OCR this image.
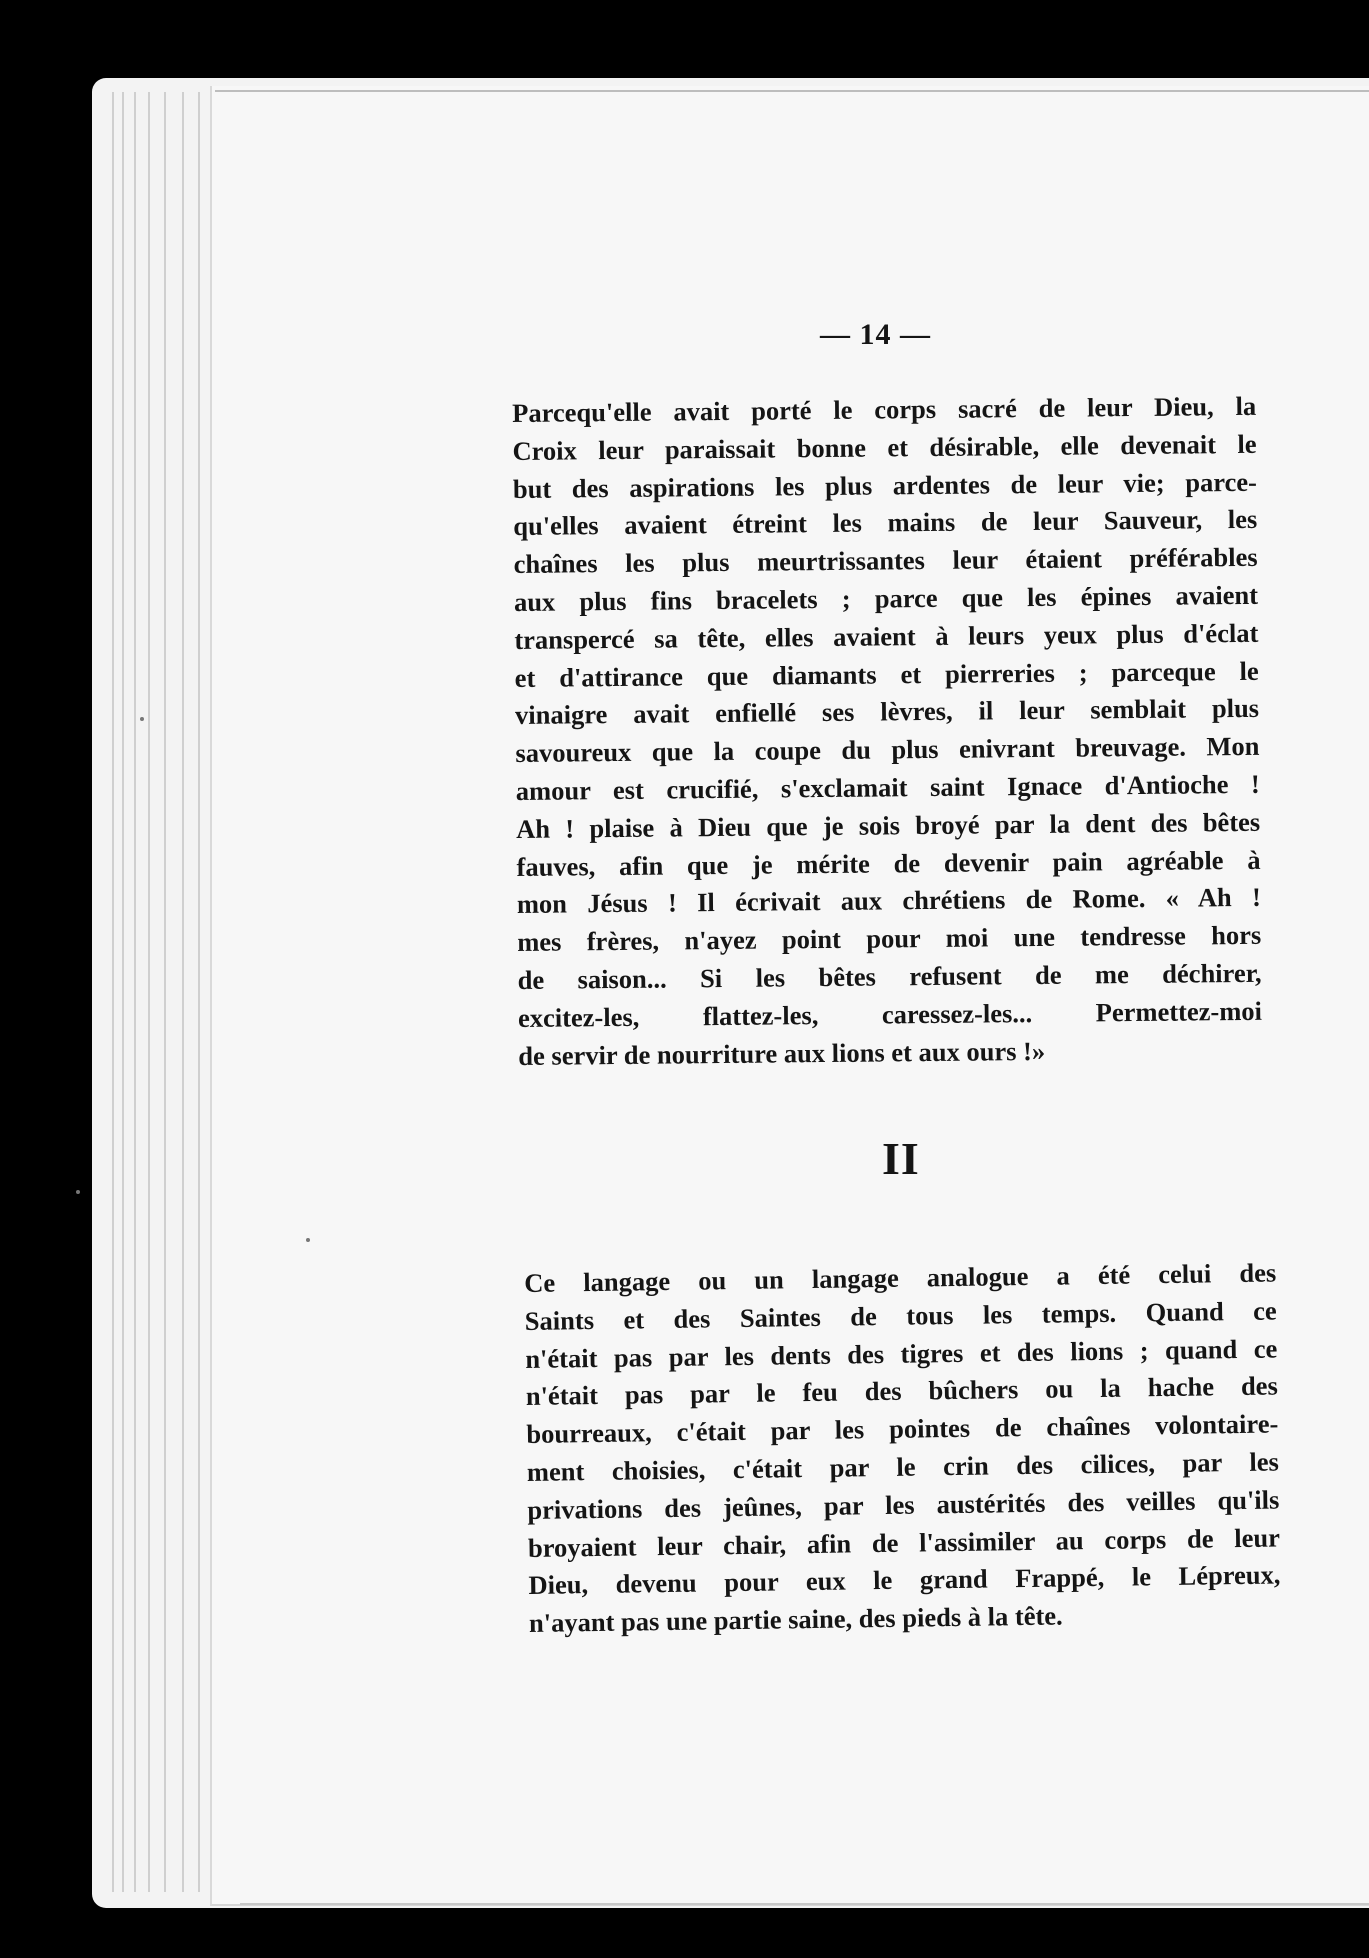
— 14 —
Parcequ'elle avait porté le corps sacré de leur Dieu, la
Croix leur paraissait bonne et désirable, elle devenait le
but des aspirations les plus ardentes de leur vie; parce-
qu'elles avaient étreint les mains de leur Sauveur, les
chaînes les plus meurtrissantes leur étaient préférables
aux plus fins bracelets ; parce que les épines avaient
transpercé sa tête, elles avaient à leurs yeux plus d'éclat
et d'attirance que diamants et pierreries ; parceque le
vinaigre avait enfiellé ses lèvres, il leur semblait plus
savoureux que la coupe du plus enivrant breuvage. Mon
amour est crucifié, s'exclamait saint Ignace d'Antioche !
Ah ! plaise à Dieu que je sois broyé par la dent des bêtes
fauves, afin que je mérite de devenir pain agréable à
mon Jésus ! Il écrivait aux chrétiens de Rome. « Ah !
mes frères, n'ayez point pour moi une tendresse hors
de saison... Si les bêtes refusent de me déchirer,
excitez-les, flattez-les, caressez-les... Permettez-moi
de servir de nourriture aux lions et aux ours !»
II
Ce langage ou un langage analogue a été celui des
Saints et des Saintes de tous les temps. Quand ce
n'était pas par les dents des tigres et des lions ; quand ce
n'était pas par le feu des bûchers ou la hache des
bourreaux, c'était par les pointes de chaînes volontaire-
ment choisies, c'était par le crin des cilices, par les
privations des jeûnes, par les austérités des veilles qu'ils
broyaient leur chair, afin de l'assimiler au corps de leur
Dieu, devenu pour eux le grand Frappé, le Lépreux,
n'ayant pas une partie saine, des pieds à la tête.
